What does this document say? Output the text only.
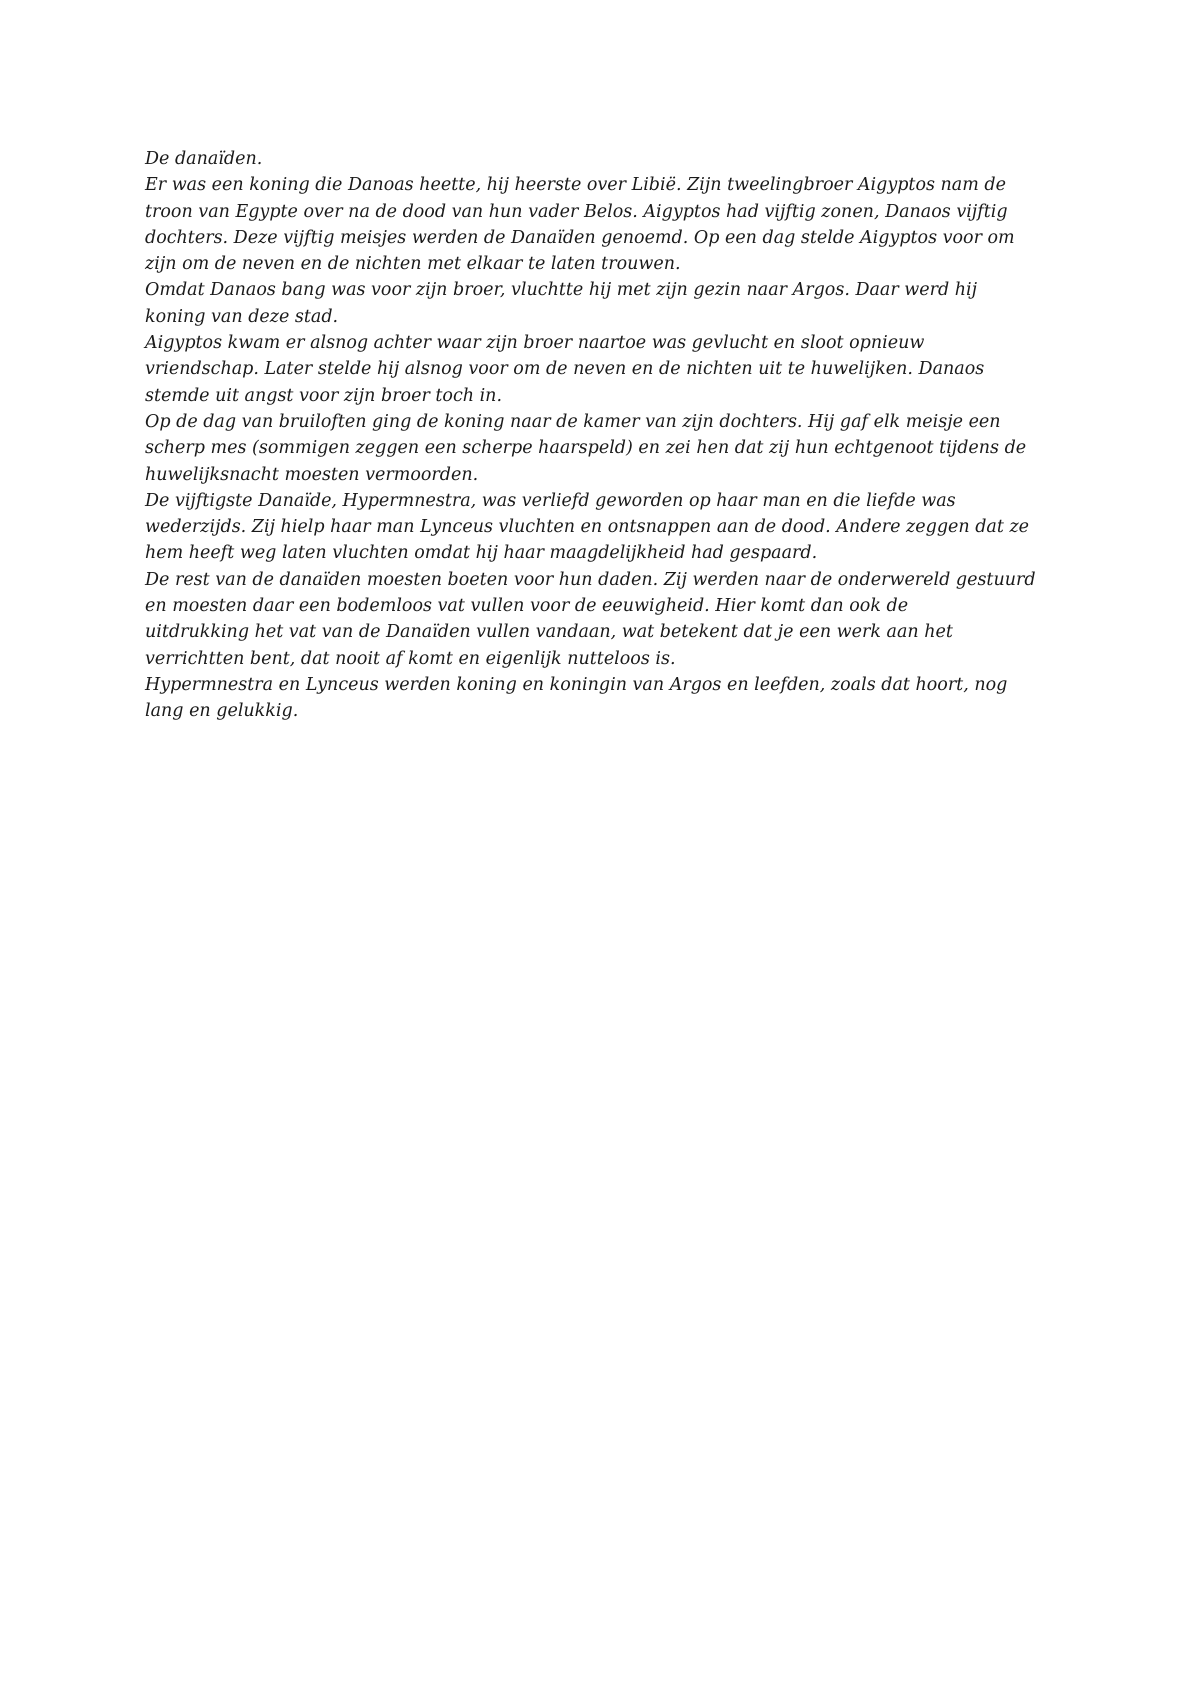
De danaïden.
Er was een koning die Danoas heette, hij heerste over Libië. Zijn tweelingbroer Aigyptos nam de
troon van Egypte over na de dood van hun vader Belos. Aigyptos had vijftig zonen, Danaos vijftig
dochters. Deze vijftig meisjes werden de Danaïden genoemd. Op een dag stelde Aigyptos voor om
zijn om de neven en de nichten met elkaar te laten trouwen.
Omdat Danaos bang was voor zijn broer, vluchtte hij met zijn gezin naar Argos. Daar werd hij
koning van deze stad.
Aigyptos kwam er alsnog achter waar zijn broer naartoe was gevlucht en sloot opnieuw
vriendschap. Later stelde hij alsnog voor om de neven en de nichten uit te huwelijken. Danaos
stemde uit angst voor zijn broer toch in.
Op de dag van bruiloften ging de koning naar de kamer van zijn dochters. Hij gaf elk meisje een
scherp mes (sommigen zeggen een scherpe haarspeld) en zei hen dat zij hun echtgenoot tijdens de
huwelijksnacht moesten vermoorden.
De vijftigste Danaïde, Hypermnestra, was verliefd geworden op haar man en die liefde was
wederzijds. Zij hielp haar man Lynceus vluchten en ontsnappen aan de dood. Andere zeggen dat ze
hem heeft weg laten vluchten omdat hij haar maagdelijkheid had gespaard.
De rest van de danaïden moesten boeten voor hun daden. Zij werden naar de onderwereld gestuurd
en moesten daar een bodemloos vat vullen voor de eeuwigheid. Hier komt dan ook de
uitdrukking het vat van de Danaïden vullen vandaan, wat betekent dat je een werk aan het
verrichtten bent, dat nooit af komt en eigenlijk nutteloos is.
Hypermnestra en Lynceus werden koning en koningin van Argos en leefden, zoals dat hoort, nog
lang en gelukkig.
